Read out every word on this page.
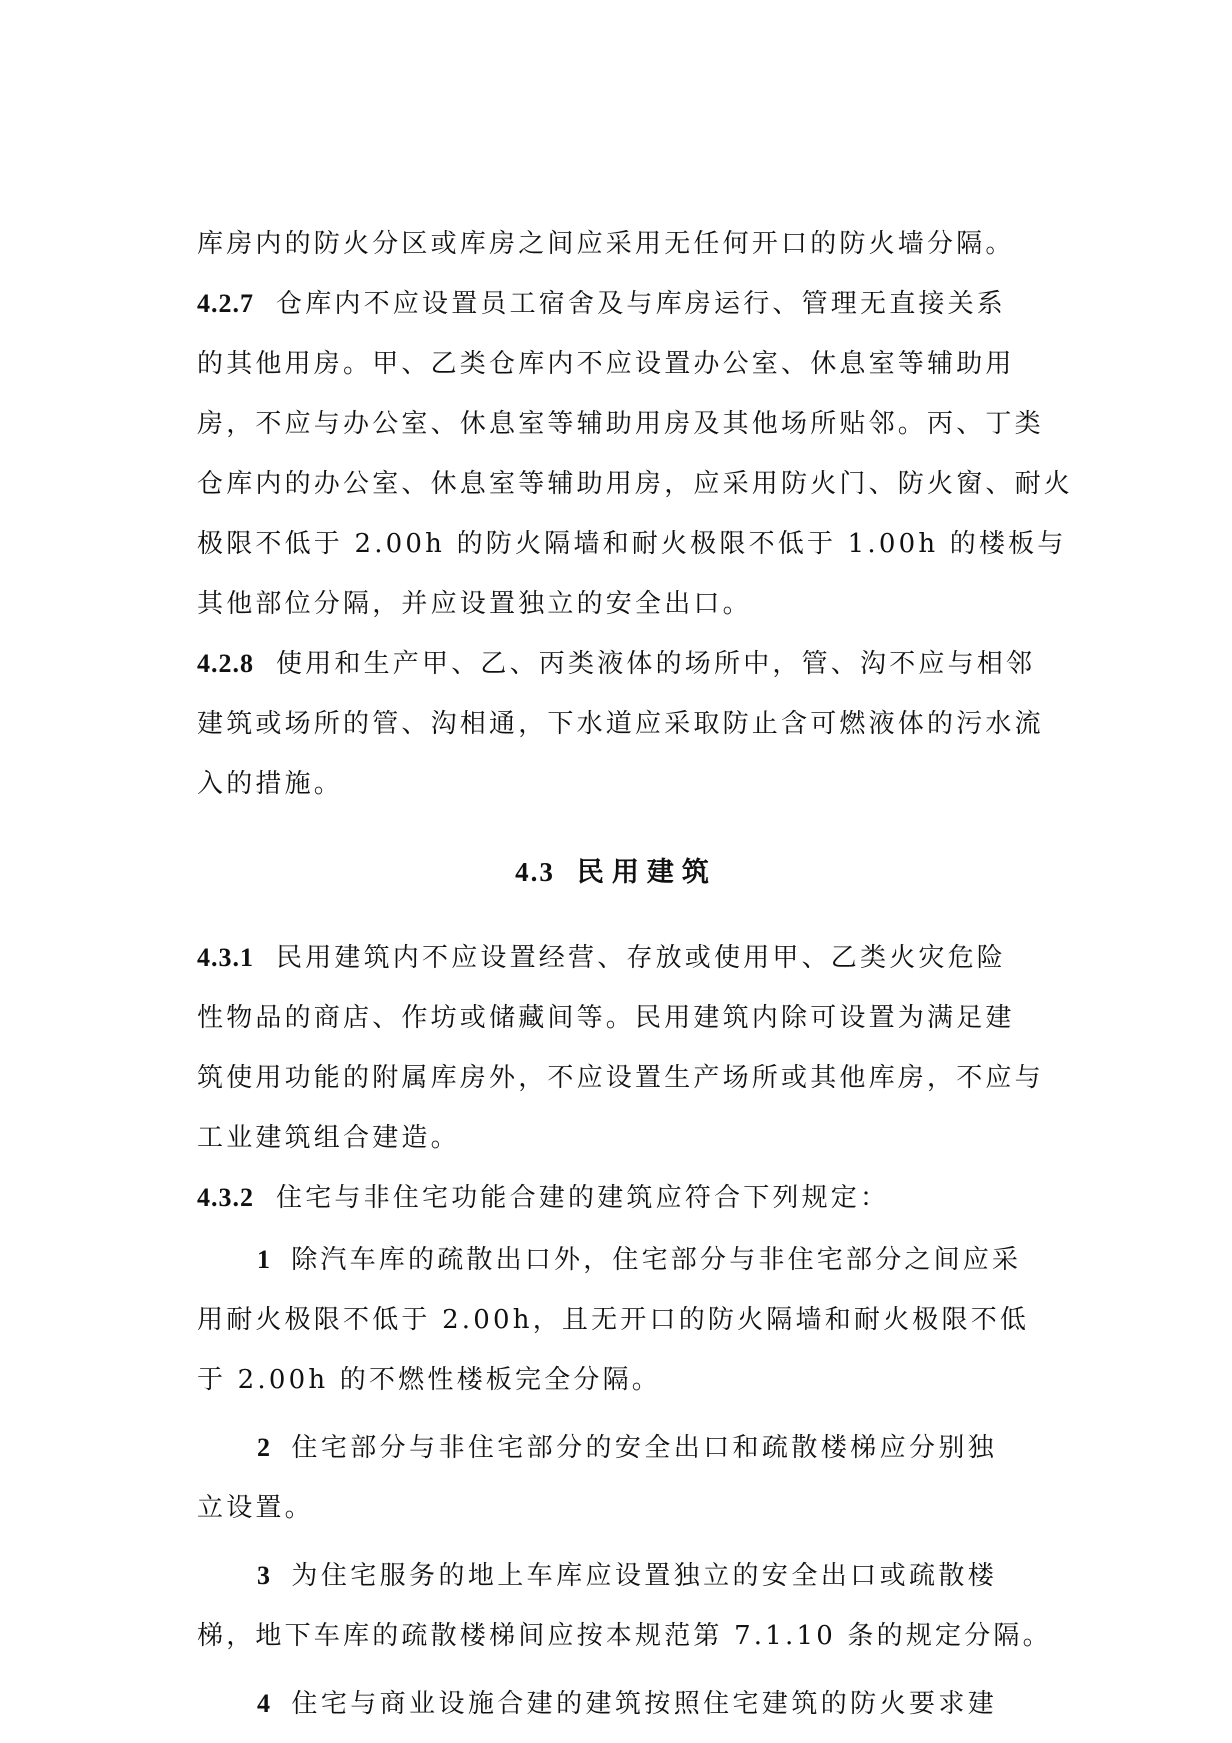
库房内的防火分区或库房之间应采用无任何开口的防火墙分隔。
4.2.7 仓库内不应设置员工宿舍及与库房运行、管理无直接关系
的其他用房。甲、乙类仓库内不应设置办公室、休息室等辅助用
房，不应与办公室、休息室等辅助用房及其他场所贴邻。丙、丁类
仓库内的办公室、休息室等辅助用房，应采用防火门、防火窗、耐火
极限不低于 2.00h 的防火隔墙和耐火极限不低于 1.00h 的楼板与
其他部位分隔，并应设置独立的安全出口。
4.2.8 使用和生产甲、乙、丙类液体的场所中，管、沟不应与相邻
建筑或场所的管、沟相通，下水道应采取防止含可燃液体的污水流
入的措施。
4.3 民用建筑
4.3.1 民用建筑内不应设置经营、存放或使用甲、乙类火灾危险
性物品的商店、作坊或储藏间等。民用建筑内除可设置为满足建
筑使用功能的附属库房外，不应设置生产场所或其他库房，不应与
工业建筑组合建造。
4.3.2 住宅与非住宅功能合建的建筑应符合下列规定：
1 除汽车库的疏散出口外，住宅部分与非住宅部分之间应采
用耐火极限不低于 2.00h，且无开口的防火隔墙和耐火极限不低
于 2.00h 的不燃性楼板完全分隔。
2 住宅部分与非住宅部分的安全出口和疏散楼梯应分别独
立设置。
3 为住宅服务的地上车库应设置独立的安全出口或疏散楼
梯，地下车库的疏散楼梯间应按本规范第 7.1.10 条的规定分隔。
4 住宅与商业设施合建的建筑按照住宅建筑的防火要求建
